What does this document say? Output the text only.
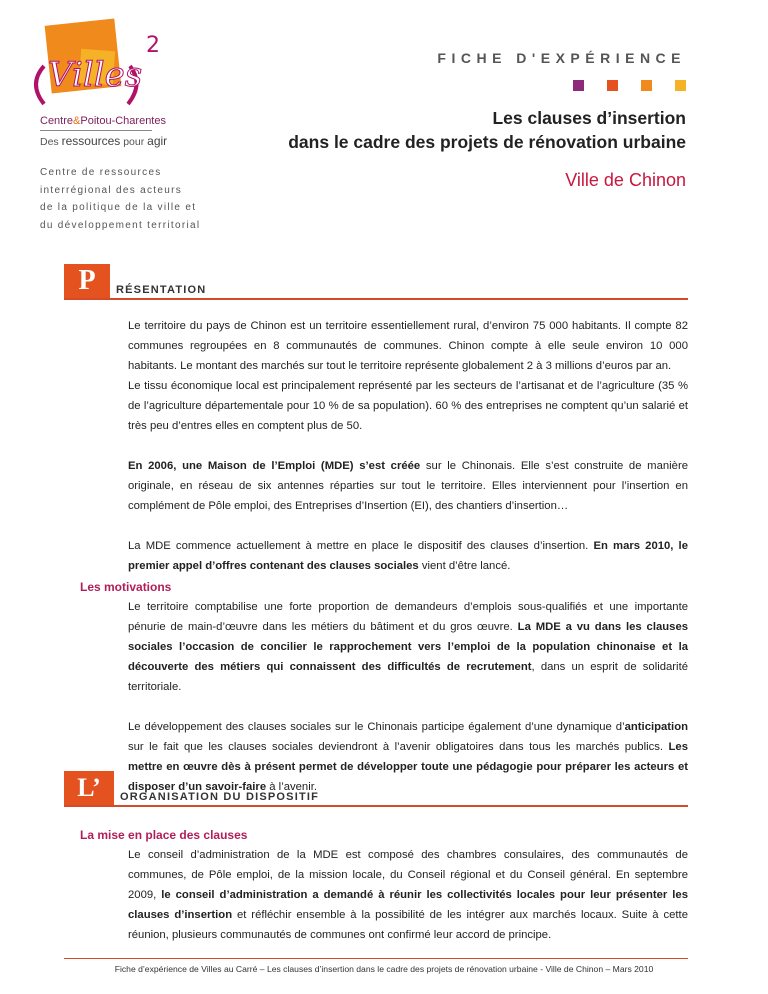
Villes
2
Centre&Poitou-Charentes
Des ressources pour agir
Centre de ressources
interrégional des acteurs
de la politique de la ville et
du développement territorial
FICHE D'EXPÉRIENCE
Les clauses d’insertion
dans le cadre des projets de rénovation urbaine
Ville de Chinon
P	RÉSENTATION

Le territoire du pays de Chinon est un territoire essentiellement rural, d’environ 75 000 habitants. Il compte 82 communes regroupées en 8 communautés de communes. Chinon compte à elle seule environ 10 000 habitants. Le montant des marchés sur tout le territoire représente globalement 2 à 3 millions d’euros par an.

Le tissu économique local est principalement représenté par les secteurs de l’artisanat et de l’agriculture (35 % de l’agriculture départementale pour 10 % de sa population). 60 % des entreprises ne comptent qu’un salarié et très peu d’entres elles en comptent plus de 50.

En 2006, une Maison de l’Emploi (MDE) s’est créée sur le Chinonais. Elle s’est construite de manière originale, en réseau de six antennes réparties sur tout le territoire. Elles interviennent pour l’insertion en complément de Pôle emploi, des Entreprises d’Insertion (EI), des chantiers d’insertion…

La MDE commence actuellement à mettre en place le dispositif des clauses d’insertion. En mars 2010, le premier appel d’offres contenant des clauses sociales vient d’être lancé.

Les motivations

Le territoire comptabilise une forte proportion de demandeurs d’emplois sous-qualifiés et une importante pénurie de main-d’œuvre dans les métiers du bâtiment et du gros œuvre. La MDE a vu dans les clauses sociales l’occasion de concilier le rapprochement vers l’emploi de la population chinonaise et la découverte des métiers qui connaissent des difficultés de recrutement, dans un esprit de solidarité territoriale.

Le développement des clauses sociales sur le Chinonais participe également d’une dynamique d’anticipation sur le fait que les clauses sociales deviendront à l’avenir obligatoires dans tous les marchés publics. Les mettre en œuvre dès à présent permet de développer toute une pédagogie pour préparer les acteurs et disposer d’un savoir-faire à l’avenir.

L’	ORGANISATION DU DISPOSITIF
La mise en place des clauses

Le conseil d’administration de la MDE est composé des chambres consulaires, des communautés de communes, de Pôle emploi, de la mission locale, du Conseil régional et du Conseil général. En septembre 2009, le conseil d’administration a demandé à réunir les collectivités locales pour leur présenter les clauses d’insertion et réfléchir ensemble à la possibilité de les intégrer aux marchés locaux. Suite à cette réunion, plusieurs communautés de communes ont confirmé leur accord de principe.

Fiche d’expérience de Villes au Carré – Les clauses d’insertion dans le cadre des projets de rénovation urbaine - Ville de Chinon – Mars 2010
